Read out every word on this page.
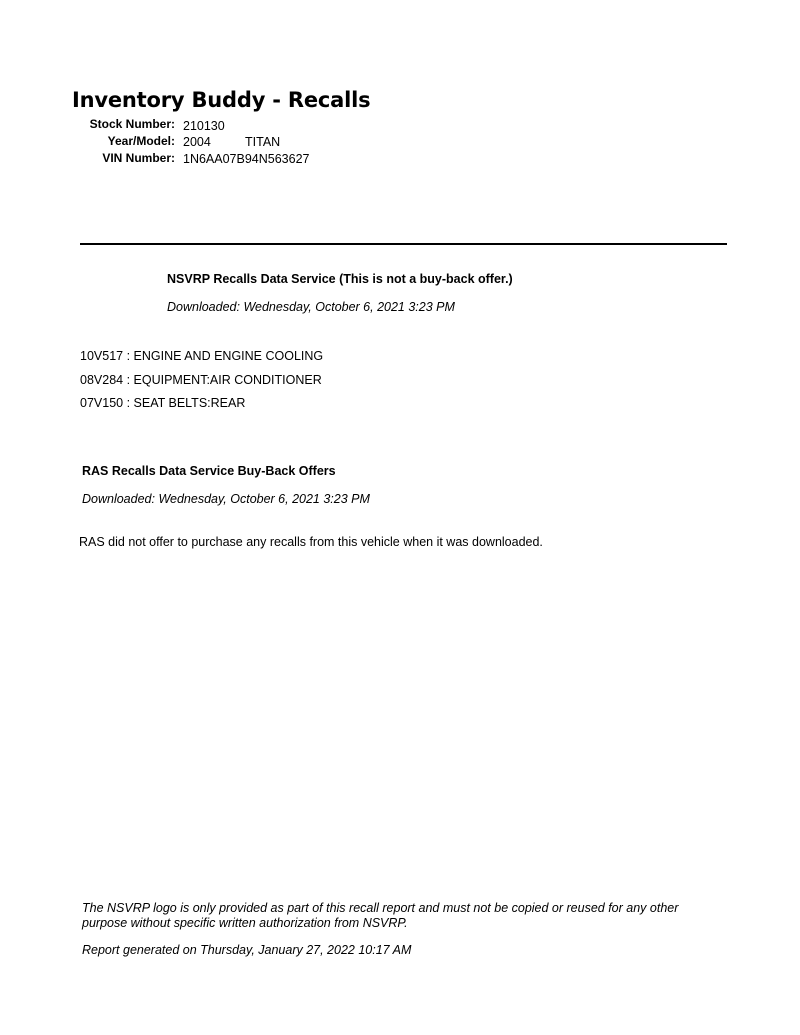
Inventory Buddy - Recalls
Stock Number: 210130
Year/Model: 2004	TITAN
VIN Number: 1N6AA07B94N563627
NSVRP Recalls Data Service (This is not a buy-back offer.)
Downloaded: Wednesday, October 6, 2021 3:23 PM
10V517 : ENGINE AND ENGINE COOLING
08V284 : EQUIPMENT:AIR CONDITIONER
07V150 : SEAT BELTS:REAR
RAS Recalls Data Service Buy-Back Offers
Downloaded: Wednesday, October 6, 2021 3:23 PM
RAS did not offer to purchase any recalls from this vehicle when it was downloaded.
The NSVRP logo is only provided as part of this recall report and must not be copied or reused for any other purpose without specific written authorization from NSVRP.
Report generated on Thursday, January 27, 2022 10:17 AM
